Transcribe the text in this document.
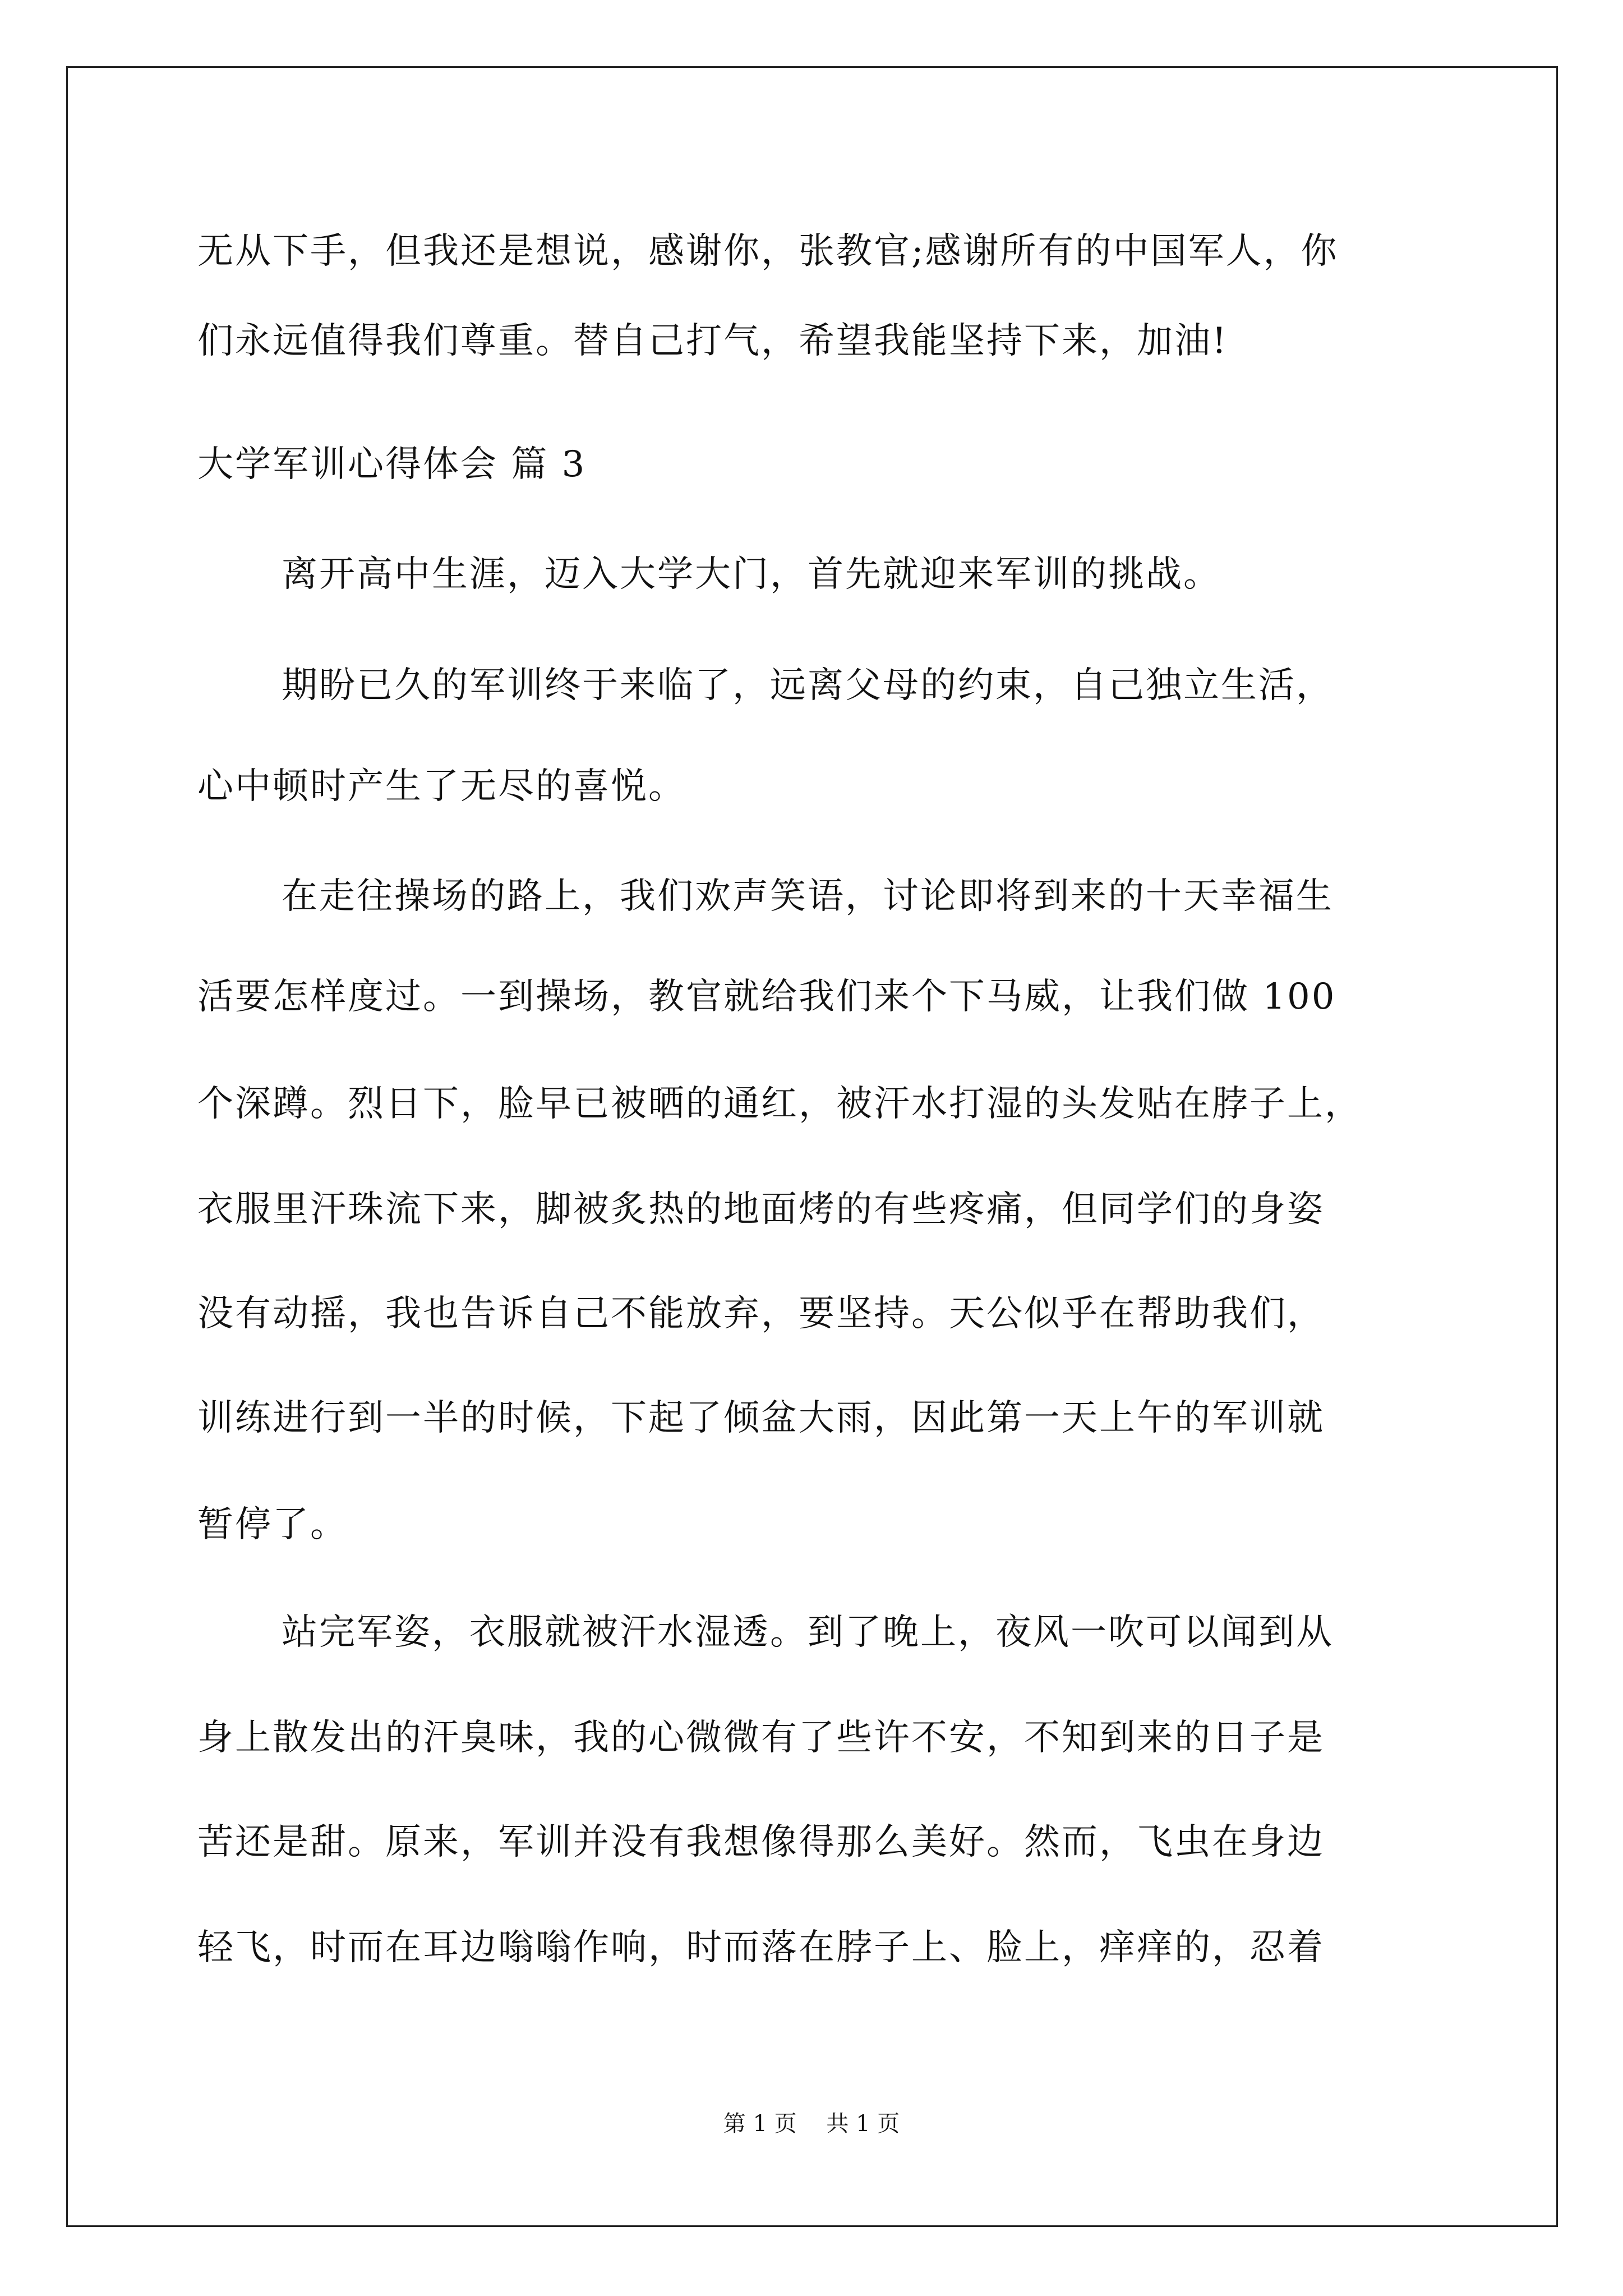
无从下手，但我还是想说，感谢你，张教官;感谢所有的中国军人，你
们永远值得我们尊重。替自己打气，希望我能坚持下来，加油!
大学军训心得体会 篇 3
离开高中生涯，迈入大学大门，首先就迎来军训的挑战。
期盼已久的军训终于来临了，远离父母的约束，自己独立生活，
心中顿时产生了无尽的喜悦。
在走往操场的路上，我们欢声笑语，讨论即将到来的十天幸福生
活要怎样度过。一到操场，教官就给我们来个下马威，让我们做 100
个深蹲。烈日下，脸早已被晒的通红，被汗水打湿的头发贴在脖子上，
衣服里汗珠流下来，脚被炙热的地面烤的有些疼痛，但同学们的身姿
没有动摇，我也告诉自己不能放弃，要坚持。天公似乎在帮助我们，
训练进行到一半的时候，下起了倾盆大雨，因此第一天上午的军训就
暂停了。
站完军姿，衣服就被汗水湿透。到了晚上，夜风一吹可以闻到从
身上散发出的汗臭味，我的心微微有了些许不安，不知到来的日子是
苦还是甜。原来，军训并没有我想像得那么美好。然而，飞虫在身边
轻飞，时而在耳边嗡嗡作响，时而落在脖子上、脸上，痒痒的，忍着
第 1 页 共 1 页
